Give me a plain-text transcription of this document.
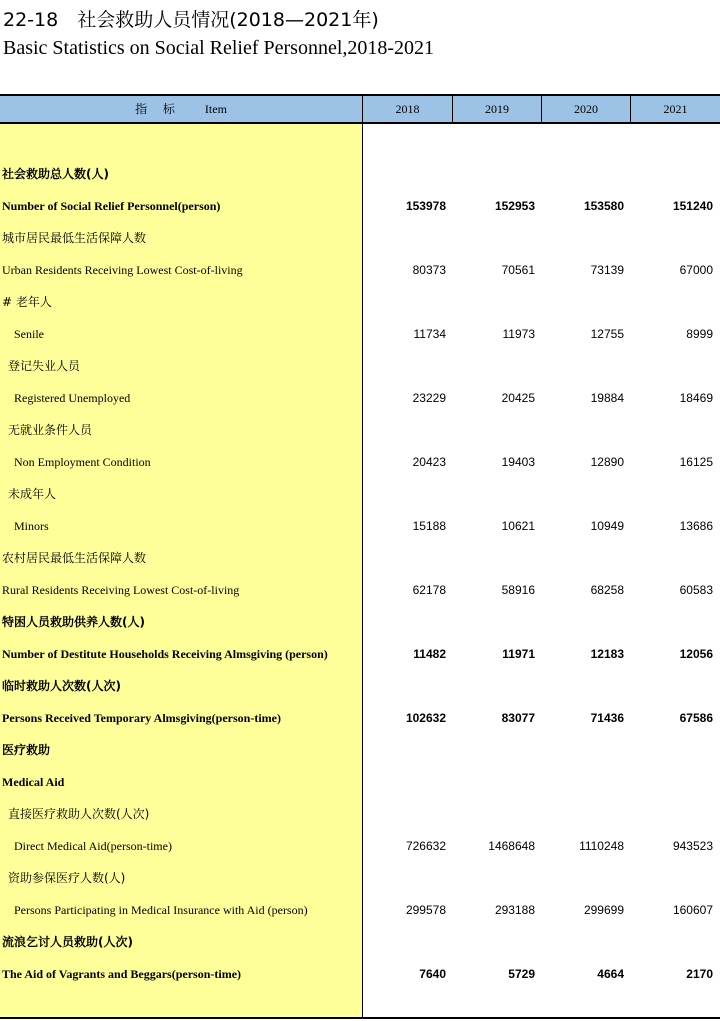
22-18　社会救助人员情况(2018—2021年)
Basic Statistics on Social Relief Personnel,2018-2021
指 标 Item	2018	2019	2020	2021
社会救助总人数(人)
Number of Social Relief Personnel(person)	153978	152953	153580	151240
城市居民最低生活保障人数
Urban Residents Receiving Lowest Cost-of-living	80373	70561	73139	67000
# 老年人
Senile	11734	11973	12755	8999
登记失业人员
Registered Unemployed	23229	20425	19884	18469
无就业条件人员
Non Employment Condition	20423	19403	12890	16125
未成年人
Minors	15188	10621	10949	13686
农村居民最低生活保障人数
Rural Residents Receiving Lowest Cost-of-living	62178	58916	68258	60583
特困人员救助供养人数(人)
Number of Destitute Households Receiving Almsgiving (person)	11482	11971	12183	12056
临时救助人次数(人次)
Persons Received Temporary Almsgiving(person-time)	102632	83077	71436	67586
医疗救助
Medical Aid
直接医疗救助人次数(人次)
Direct Medical Aid(person-time)	726632	1468648	1110248	943523
资助参保医疗人数(人)
Persons Participating in Medical Insurance with Aid (person)	299578	293188	299699	160607
流浪乞讨人员救助(人次)
The Aid of Vagrants and Beggars(person-time)	7640	5729	4664	2170
